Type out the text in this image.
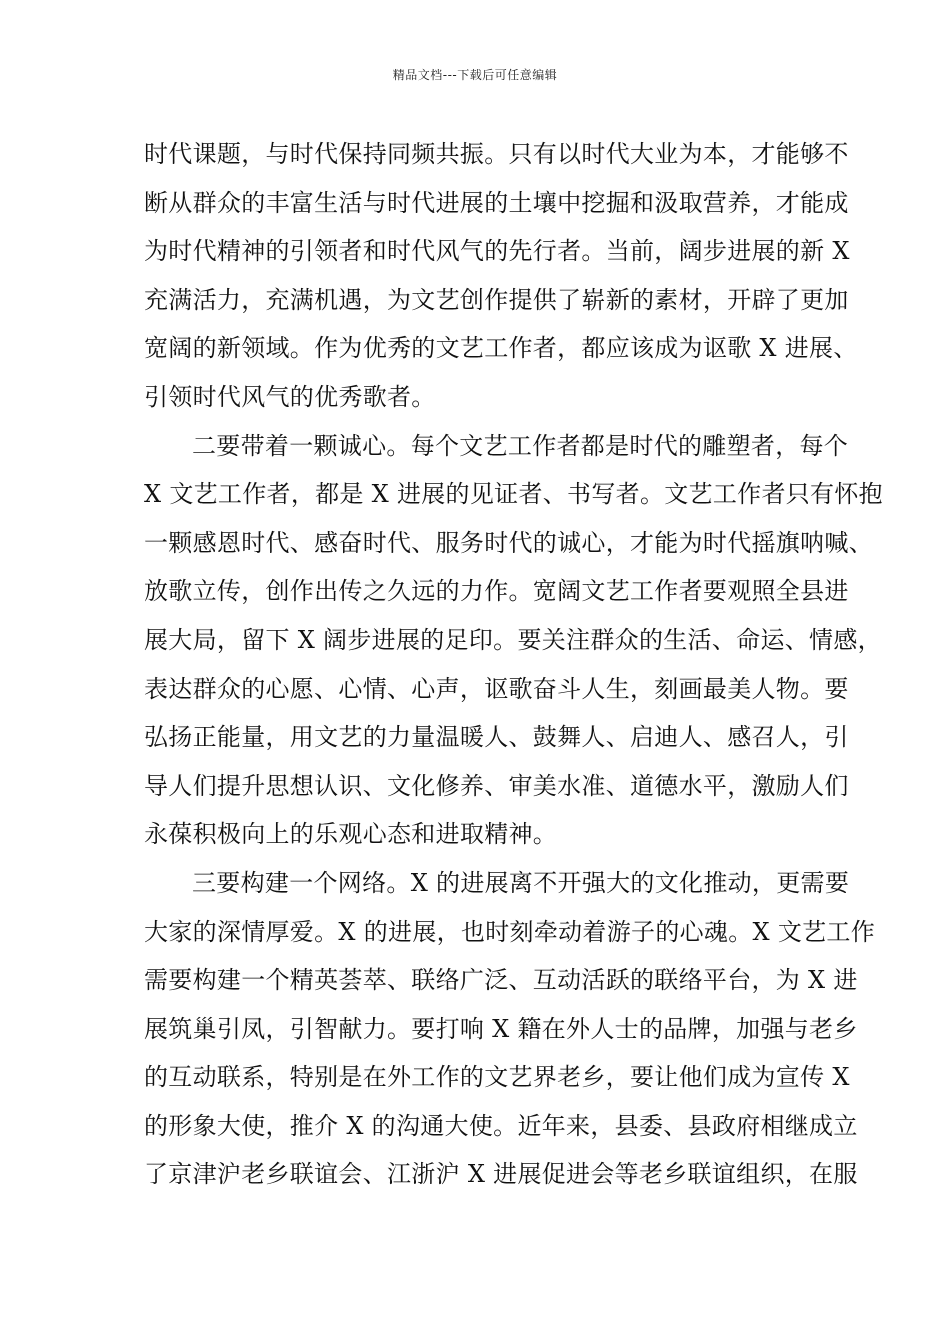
精品文档---下载后可任意编辑
时代课题，与时代保持同频共振。只有以时代大业为本，才能够不
断从群众的丰富生活与时代进展的土壤中挖掘和汲取营养，才能成
为时代精神的引领者和时代风气的先行者。当前，阔步进展的新 X
充满活力，充满机遇，为文艺创作提供了崭新的素材，开辟了更加
宽阔的新领域。作为优秀的文艺工作者，都应该成为讴歌 X 进展、
引领时代风气的优秀歌者。
二要带着一颗诚心。每个文艺工作者都是时代的雕塑者，每个
X 文艺工作者，都是 X 进展的见证者、书写者。文艺工作者只有怀抱
一颗感恩时代、感奋时代、服务时代的诚心，才能为时代摇旗呐喊、
放歌立传，创作出传之久远的力作。宽阔文艺工作者要观照全县进
展大局，留下 X 阔步进展的足印。要关注群众的生活、命运、情感，
表达群众的心愿、心情、心声，讴歌奋斗人生，刻画最美人物。要
弘扬正能量，用文艺的力量温暖人、鼓舞人、启迪人、感召人，引
导人们提升思想认识、文化修养、审美水准、道德水平，激励人们
永葆积极向上的乐观心态和进取精神。
三要构建一个网络。X 的进展离不开强大的文化推动，更需要
大家的深情厚爱。X 的进展，也时刻牵动着游子的心魂。X 文艺工作
需要构建一个精英荟萃、联络广泛、互动活跃的联络平台，为 X 进
展筑巢引凤，引智献力。要打响 X 籍在外人士的品牌，加强与老乡
的互动联系，特别是在外工作的文艺界老乡，要让他们成为宣传 X
的形象大使，推介 X 的沟通大使。近年来，县委、县政府相继成立
了京津沪老乡联谊会、江浙沪 X 进展促进会等老乡联谊组织，在服
